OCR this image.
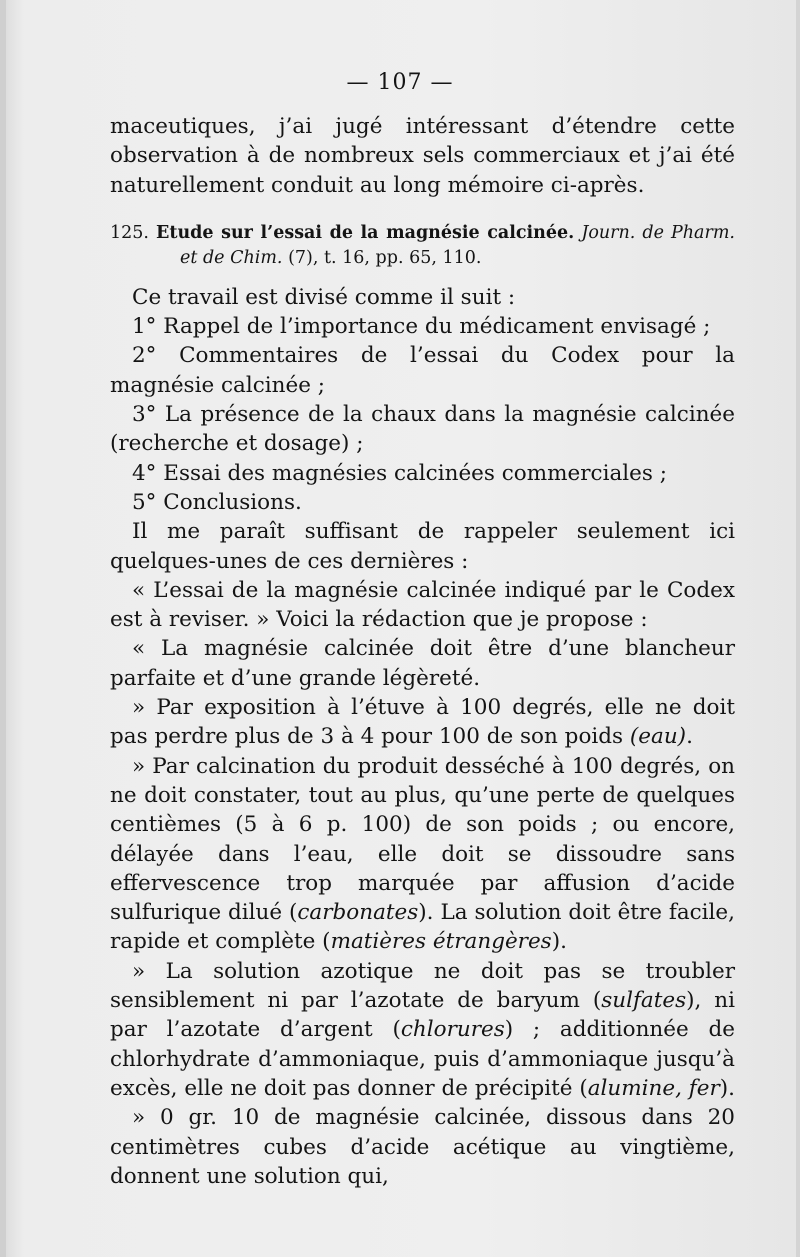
— 107 —

maceutiques, j’ai jugé intéressant d’étendre cette observation à de nombreux sels commerciaux et j’ai été naturellement conduit au long mémoire ci-après.

125. Etude sur l’essai de la magnésie calcinée. Journ. de Pharm. et de Chim. (7), t. 16, pp. 65, 110.

Ce travail est divisé comme il suit :

1° Rappel de l’importance du médicament envisagé ;

2° Commentaires de l’essai du Codex pour la magnésie calcinée ;

3° La présence de la chaux dans la magnésie calcinée (recherche et dosage) ;

4° Essai des magnésies calcinées commerciales ;

5° Conclusions.

Il me paraît suffisant de rappeler seulement ici quelques-unes de ces dernières :

« L’essai de la magnésie calcinée indiqué par le Codex est à reviser. » Voici la rédaction que je propose :

« La magnésie calcinée doit être d’une blancheur parfaite et d’une grande légèreté.

» Par exposition à l’étuve à 100 degrés, elle ne doit pas perdre plus de 3 à 4 pour 100 de son poids (eau).

» Par calcination du produit desséché à 100 degrés, on ne doit constater, tout au plus, qu’une perte de quelques centièmes (5 à 6 p. 100) de son poids ; ou encore, délayée dans l’eau, elle doit se dissoudre sans effervescence trop marquée par affusion d’acide sulfurique dilué (carbonates). La solution doit être facile, rapide et complète (matières étrangères).

» La solution azotique ne doit pas se troubler sensiblement ni par l’azotate de baryum (sulfates), ni par l’azotate d’argent (chlorures) ; additionnée de chlorhydrate d’ammoniaque, puis d’ammoniaque jusqu’à excès, elle ne doit pas donner de précipité (alumine, fer).

» 0 gr. 10 de magnésie calcinée, dissous dans 20 centimètres cubes d’acide acétique au vingtième, donnent une solution qui,
